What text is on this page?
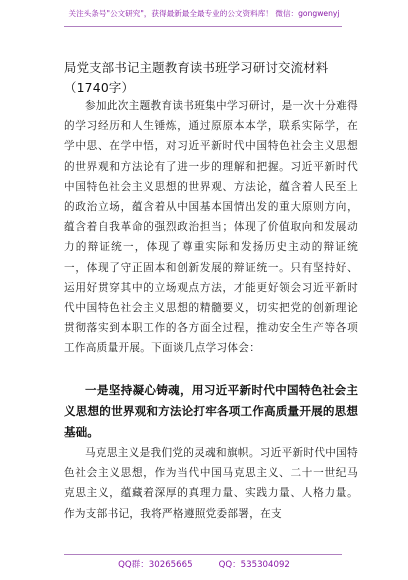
关注头条号"公文研究"，获得最新最全最专业的公文资料库！ 微信：gongwenyj
局党支部书记主题教育读书班学习研讨交流材料（1740字）

参加此次主题教育读书班集中学习研讨，是一次十分难得的学习经历和人生锤炼，通过原原本本学，联系实际学，在学中思、在学中悟，对习近平新时代中国特色社会主义思想的世界观和方法论有了进一步的理解和把握。习近平新时代中国特色社会主义思想的世界观、方法论，蕴含着人民至上的政治立场，蕴含着从中国基本国情出发的重大原则方向，蕴含着自我革命的强烈政治担当；体现了价值取向和发展动力的辩证统一，体现了尊重实际和发扬历史主动的辩证统一，体现了守正固本和创新发展的辩证统一。只有坚持好、运用好贯穿其中的立场观点方法，才能更好领会习近平新时代中国特色社会主义思想的精髓要义，切实把党的创新理论贯彻落实到本职工作的各方面全过程，推动安全生产等各项工作高质量开展。下面谈几点学习体会：

一是坚持凝心铸魂，用习近平新时代中国特色社会主义思想的世界观和方法论打牢各项工作高质量开展的思想基础。

马克思主义是我们党的灵魂和旗帜。习近平新时代中国特色社会主义思想，作为当代中国马克思主义、二十一世纪马克思主义，蕴藏着深厚的真理力量、实践力量、人格力量。作为支部书记，我将严格遵照党委部署，在支

QQ群：30265665	QQ：535304092
